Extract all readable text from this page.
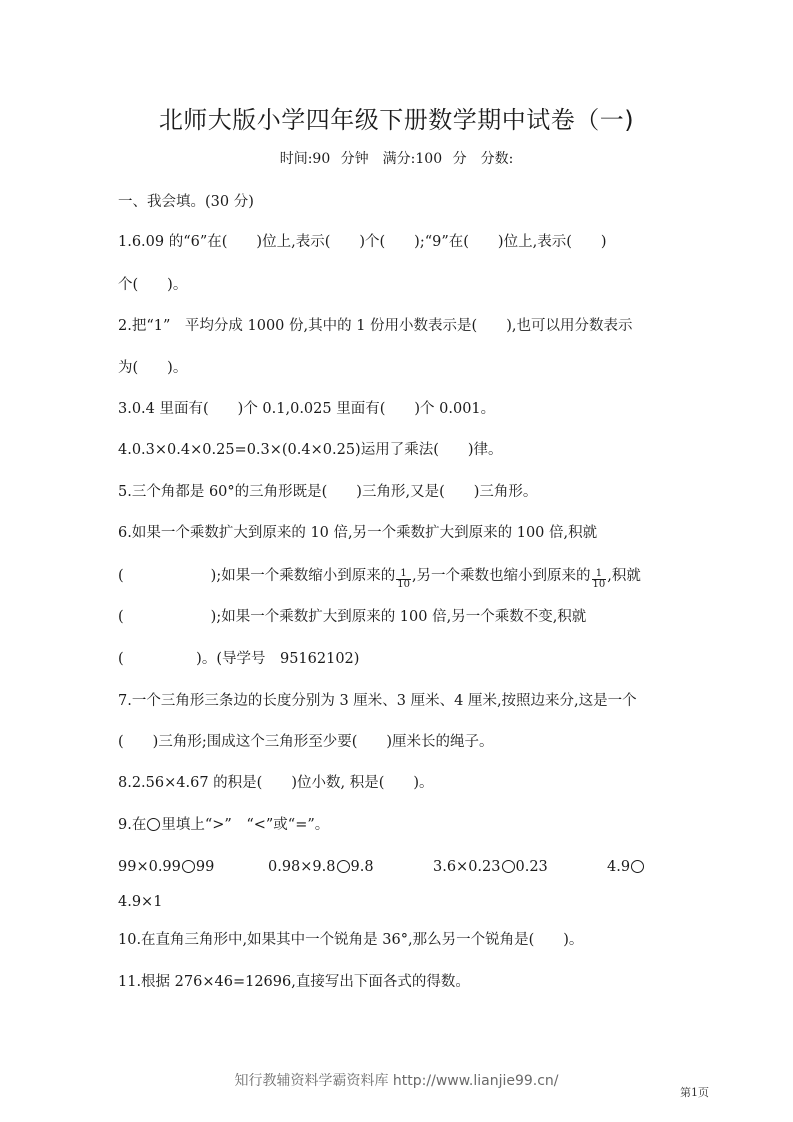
北师大版小学四年级下册数学期中试卷（一)
时间:90 分钟　满分:100 分　分数:
一、我会填。(30 分)
1.6.09 的“6”在(　　)位上,表示(　　)个(　　);“9”在(　　)位上,表示(　　)
个(　　)。
2.把“1”　平均分成 1000 份,其中的 1 份用小数表示是(　　),也可以用分数表示
为(　　)。
3.0.4 里面有(　　)个 0.1,0.025 里面有(　　)个 0.001。
4.0.3×0.4×0.25=0.3×(0.4×0.25)运用了乘法(　　)律。
5.三个角都是 60°的三角形既是(　　)三角形,又是(　　)三角形。
6.如果一个乘数扩大到原来的 10 倍,另一个乘数扩大到原来的 100 倍,积就
(　　　　　　);如果一个乘数缩小到原来的 $\frac{1}{10}$ ,另一个乘数也缩小到原来的 $\frac{1}{10}$ ,积就
(　　　　　　);如果一个乘数扩大到原来的 100 倍,另一个乘数不变,积就
(　　　　　)。(导学号　95162102)
7.一个三角形三条边的长度分别为 3 厘米、3 厘米、4 厘米,按照边来分,这是一个
(　　)三角形;围成这个三角形至少要(　　)厘米长的绳子。
8.2.56×4.67 的积是(　　)位小数, 积是(　　)。
9.在 里填上“>”　“<”或“=”。
99×0.99 99	0.98×9.8 9.8	3.6×0.23 0.23	4.9
4.9×1
10.在直角三角形中,如果其中一个锐角是 36°,那么另一个锐角是(　　)。
11.根据 276×46=12696,直接写出下面各式的得数。
知行教辅资料学霸资料库 http://www.lianjie99.cn/
第1页
